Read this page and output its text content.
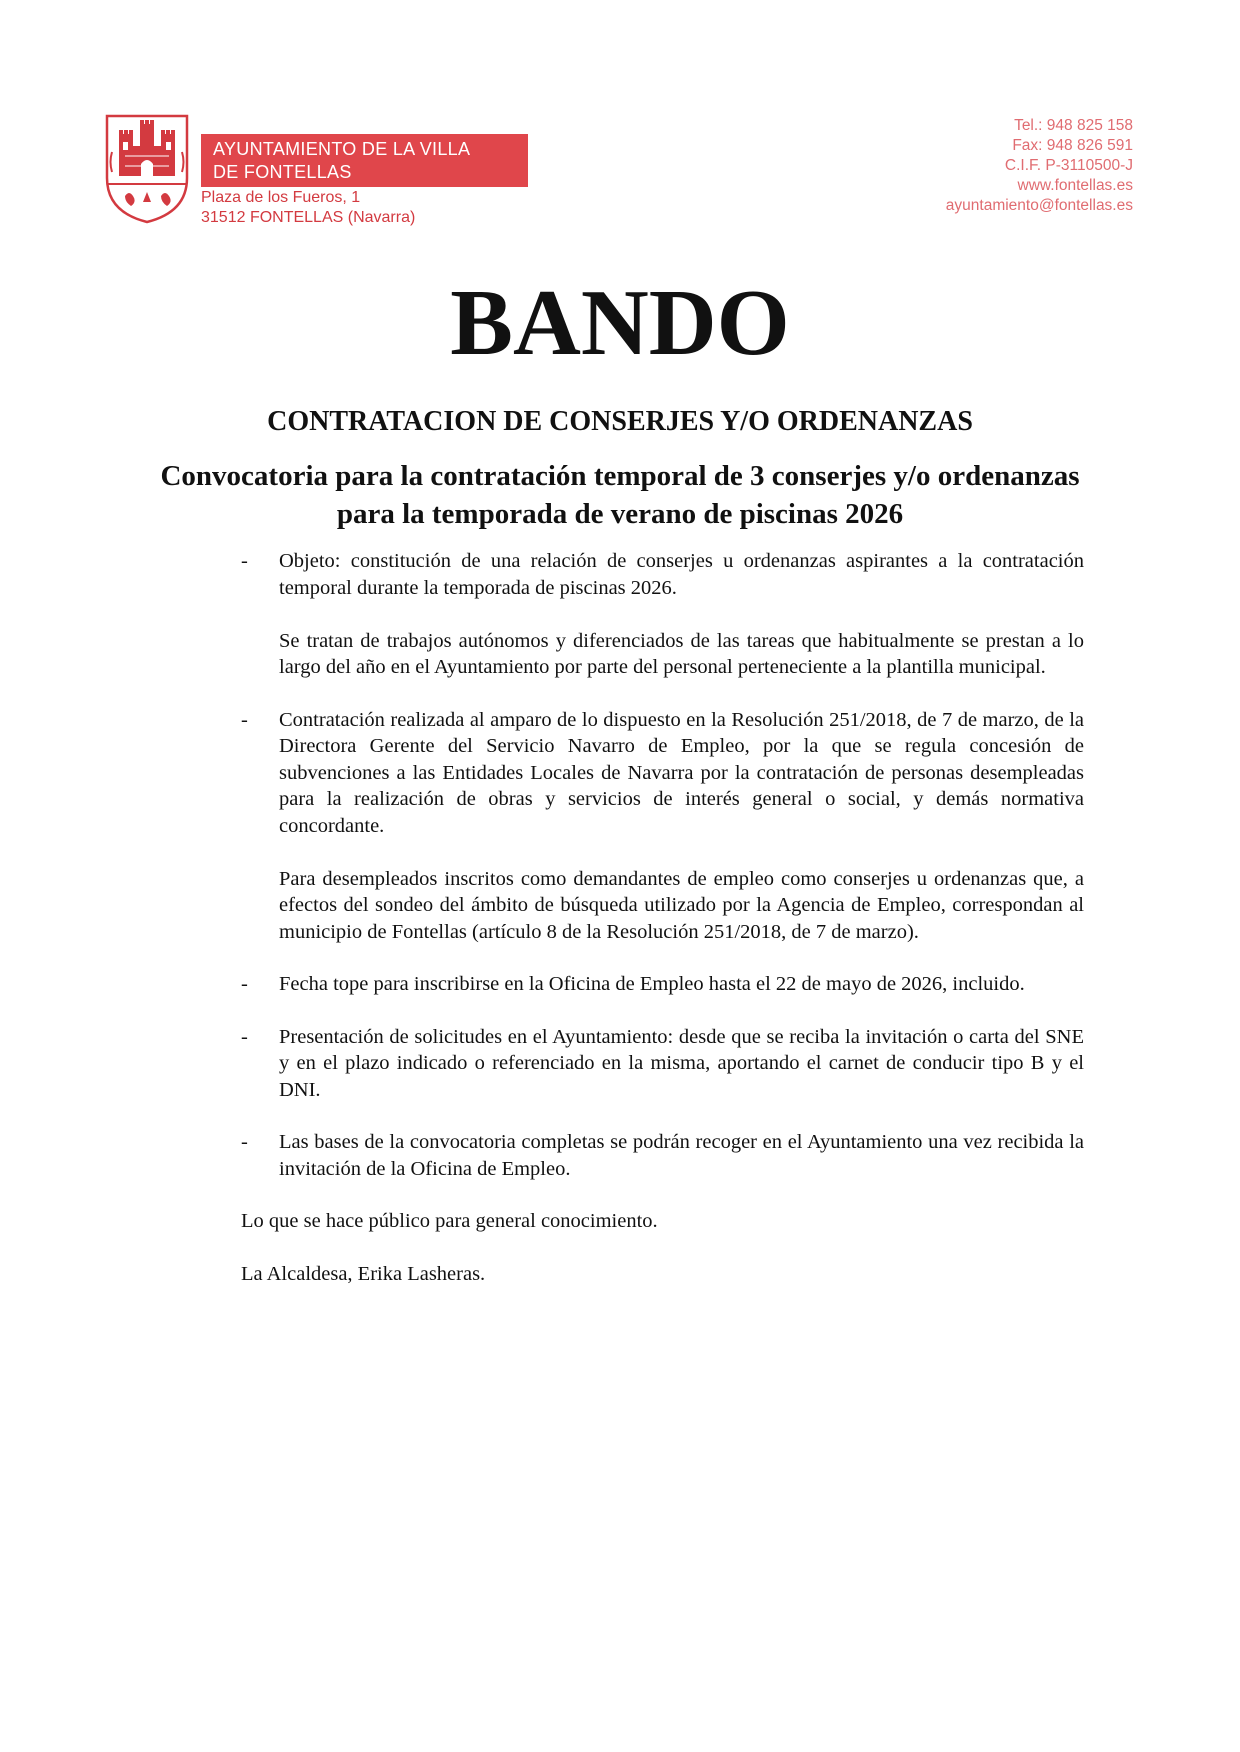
AYUNTAMIENTO DE LA VILLA
DE FONTELLAS
Plaza de los Fueros, 1
31512 FONTELLAS (Navarra)
Tel.: 948 825 158
Fax: 948 826 591
C.I.F. P-3110500-J
www.fontellas.es
ayuntamiento@fontellas.es
BANDO
CONTRATACION DE CONSERJES Y/O ORDENANZAS
Convocatoria para la contratación temporal de 3 conserjes y/o ordenanzas para la temporada de verano de piscinas 2026
- Objeto: constitución de una relación de conserjes u ordenanzas aspirantes a la contratación temporal durante la temporada de piscinas 2026.

Se tratan de trabajos autónomos y diferenciados de las tareas que habitualmente se prestan a lo largo del año en el Ayuntamiento por parte del personal perteneciente a la plantilla municipal.

- Contratación realizada al amparo de lo dispuesto en la Resolución 251/2018, de 7 de marzo, de la Directora Gerente del Servicio Navarro de Empleo, por la que se regula concesión de subvenciones a las Entidades Locales de Navarra por la contratación de personas desempleadas para la realización de obras y servicios de interés general o social, y demás normativa concordante.

Para desempleados inscritos como demandantes de empleo como conserjes u ordenanzas que, a efectos del sondeo del ámbito de búsqueda utilizado por la Agencia de Empleo, correspondan al municipio de Fontellas (artículo 8 de la Resolución 251/2018, de 7 de marzo).

- Fecha tope para inscribirse en la Oficina de Empleo hasta el 22 de mayo de 2026, incluido.

- Presentación de solicitudes en el Ayuntamiento: desde que se reciba la invitación o carta del SNE y en el plazo indicado o referenciado en la misma, aportando el carnet de conducir tipo B y el DNI.

- Las bases de la convocatoria completas se podrán recoger en el Ayuntamiento una vez recibida la invitación de la Oficina de Empleo.

Lo que se hace público para general conocimiento.

La Alcaldesa, Erika Lasheras.
